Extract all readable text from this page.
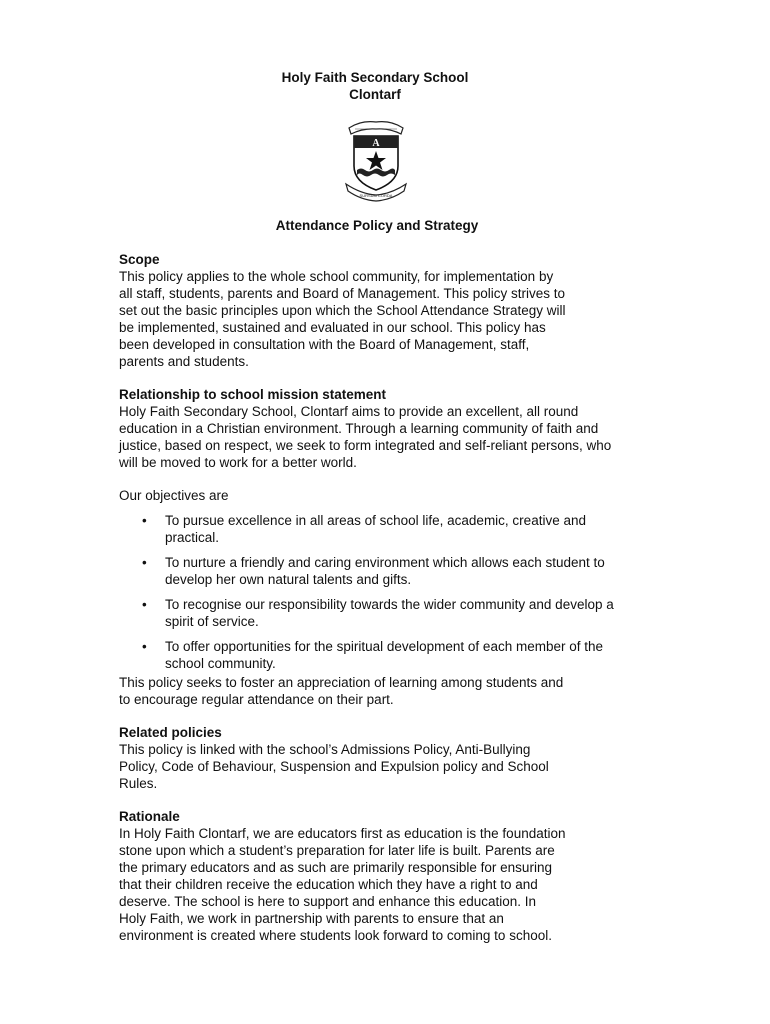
Holy Faith Secondary School
Clontarf
A
SURSUM CORDA
Attendance Policy and Strategy

Scope

This policy applies to the whole school community, for implementation by

all staff, students, parents and Board of Management. This policy strives to

set out the basic principles upon which the School Attendance Strategy will

be implemented, sustained and evaluated in our school. This policy has

been developed in consultation with the Board of Management, staff,

parents and students.

Relationship to school mission statement

Holy Faith Secondary School, Clontarf aims to provide an excellent, all round

education in a Christian environment. Through a learning community of faith and

justice, based on respect, we seek to form integrated and self-reliant persons, who

will be moved to work for a better world.

Our objectives are

• To pursue excellence in all areas of school life, academic, creative and
practical.
• To nurture a friendly and caring environment which allows each student to
develop her own natural talents and gifts.
• To recognise our responsibility towards the wider community and develop a
spirit of service.
• To offer opportunities for the spiritual development of each member of the
school community.

This policy seeks to foster an appreciation of learning among students and

to encourage regular attendance on their part.

Related policies

This policy is linked with the school’s Admissions Policy, Anti-Bullying

Policy, Code of Behaviour, Suspension and Expulsion policy and School

Rules.

Rationale

In Holy Faith Clontarf, we are educators first as education is the foundation

stone upon which a student’s preparation for later life is built. Parents are

the primary educators and as such are primarily responsible for ensuring

that their children receive the education which they have a right to and

deserve. The school is here to support and enhance this education. In

Holy Faith, we work in partnership with parents to ensure that an

environment is created where students look forward to coming to school.
